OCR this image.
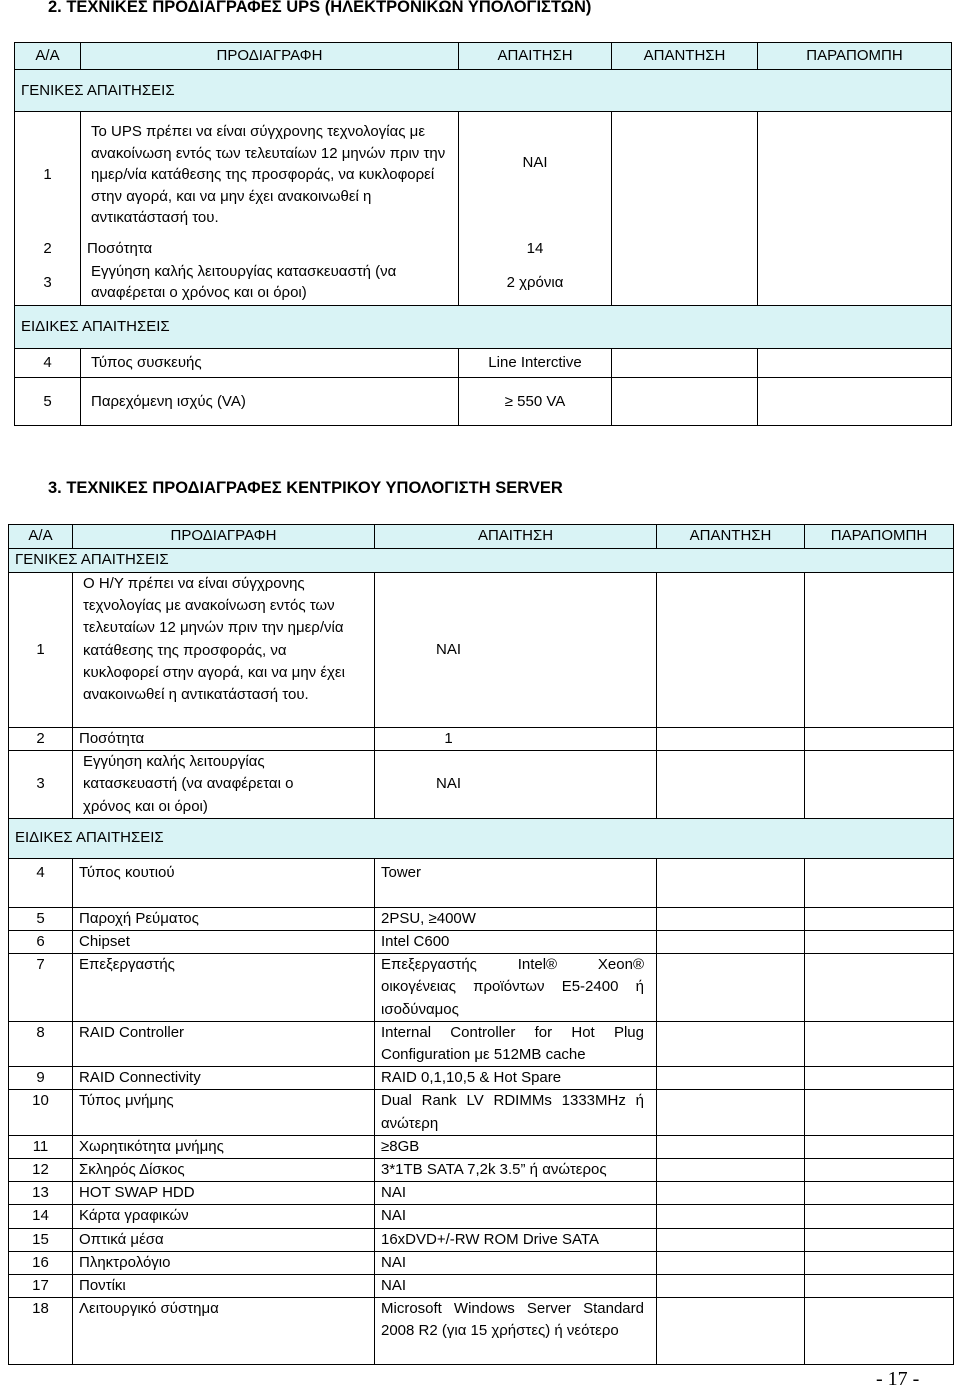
2. ΤΕΧΝΙΚΕΣ ΠΡΟΔΙΑΓΡΑΦΕΣ UPS (ΗΛΕΚΤΡΟΝΙΚΩΝ ΥΠΟΛΟΓΙΣΤΩΝ)
Α/Α	ΠΡΟΔΙΑΓΡΑΦΗ	ΑΠΑΙΤΗΣΗ	ΑΠΑΝΤΗΣΗ	ΠΑΡΑΠΟΜΠΗ
ΓΕΝΙΚΕΣ ΑΠΑΙΤΗΣΕΙΣ				
1	Το UPS πρέπει να είναι σύγχρονης τεχνολογίας με ανακοίνωση εντός των τελευταίων 12 μηνών πριν την ημερ/νία κατάθεσης της προσφοράς, να κυκλοφορεί στην αγορά, και να μην έχει ανακοινωθεί η αντικατάστασή του.	ΝΑΙ		
2	Ποσότητα	14		
3	Εγγύηση καλής λειτουργίας κατασκευαστή (να αναφέρεται ο χρόνος και οι όροι)	2 χρόνια		
ΕΙΔΙΚΕΣ ΑΠΑΙΤΗΣΕΙΣ				
4	Τύπος συσκευής	Line Interctive		
5	Παρεχόμενη ισχύς (VA)	≥ 550 VA		
3. ΤΕΧΝΙΚΕΣ ΠΡΟΔΙΑΓΡΑΦΕΣ ΚΕΝΤΡΙΚΟΥ ΥΠΟΛΟΓΙΣΤΗ SERVER
Α/Α	ΠΡΟΔΙΑΓΡΑΦΗ	ΑΠΑΙΤΗΣΗ	ΑΠΑΝΤΗΣΗ	ΠΑΡΑΠΟΜΠΗ
ΓΕΝΙΚΕΣ ΑΠΑΙΤΗΣΕΙΣ				
1	Ο Η/Υ πρέπει να είναι σύγχρονης τεχνολογίας με ανακοίνωση εντός των τελευταίων 12 μηνών πριν την ημερ/νία κατάθεσης της προσφοράς, να κυκλοφορεί στην αγορά, και να μην έχει ανακοινωθεί η αντικατάστασή του.	ΝΑΙ		
2	Ποσότητα	1		
3	Εγγύηση καλής λειτουργίας κατασκευαστή (να αναφέρεται ο χρόνος και οι όροι)	ΝΑΙ		
ΕΙΔΙΚΕΣ ΑΠΑΙΤΗΣΕΙΣ				
4	Τύπος κουτιού	Tower		
5	Παροχή Ρεύματος	2PSU, ≥400W		
6	Chipset	Intel C600		
7	Επεξεργαστής	Επεξεργαστής Intel® Xeon® οικογένειας προϊόντων E5-2400 ή ισοδύναμος		
8	RAID Controller	Internal Controller for Hot Plug Configuration με 512MB cache		
9	RAID Connectivity	RAID 0,1,10,5 & Hot Spare		
10	Τύπος μνήμης	Dual Rank LV RDIMMs 1333MHz ή ανώτερη		
11	Χωρητικότητα μνήμης	≥8GB		
12	Σκληρός Δίσκος	3*1TB SATA 7,2k 3.5” ή ανώτερος		
13	HOT SWAP HDD	ΝΑΙ		
14	Κάρτα γραφικών	ΝΑΙ		
15	Οπτικά μέσα	16xDVD+/-RW ROM Drive SATA		
16	Πληκτρολόγιο	ΝΑΙ		
17	Ποντίκι	ΝΑΙ		
18	Λειτουργικό σύστημα	Microsoft Windows Server Standard 2008 R2 (για 15 χρήστες) ή νεότερο		
- 17 -
